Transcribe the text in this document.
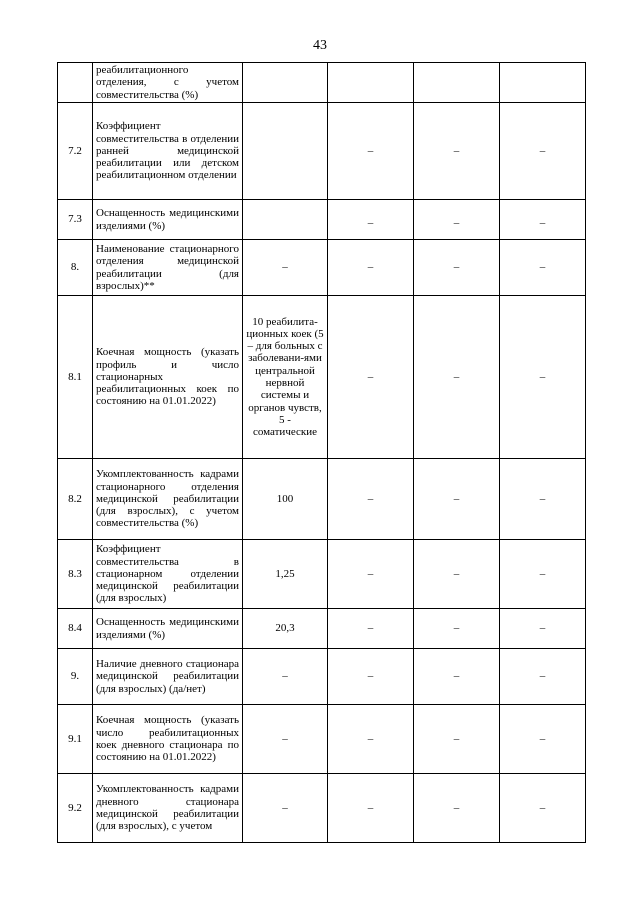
43
	реабилитационного отделения, с учетом совместительства (%)				
7.2	Коэффициент совместительства в отделении ранней медицинской реабилитации или детском реабилитационном отделении		–	–	–
7.3	Оснащенность медицинскими изделиями (%)		–	–	–
8.	Наименование стационарного отделения медицинской реабилитации (для взрослых)**	–	–	–	–
8.1	Коечная мощность (указать профиль и число стационарных реабилитационных коек по состоянию на 01.01.2022)	10 реабилита-ционных коек (5 – для больных с заболевани-ями центральной нервной системы и органов чувств, 5 - соматические	–	–	–
8.2	Укомплектованность кадрами стационарного отделения медицинской реабилитации (для взрослых), с учетом совместительства (%)	100	–	–	–
8.3	Коэффициент совместительства в стационарном отделении медицинской реабилитации (для взрослых)	1,25	–	–	–
8.4	Оснащенность медицинскими изделиями (%)	20,3	–	–	–
9.	Наличие дневного стационара медицинской реабилитации (для взрослых) (да/нет)	–	–	–	–
9.1	Коечная мощность (указать число реабилитационных коек дневного стационара по состоянию на 01.01.2022)	–	–	–	–
9.2	Укомплектованность кадрами дневного стационара медицинской реабилитации (для взрослых), с учетом	–	–	–	–
